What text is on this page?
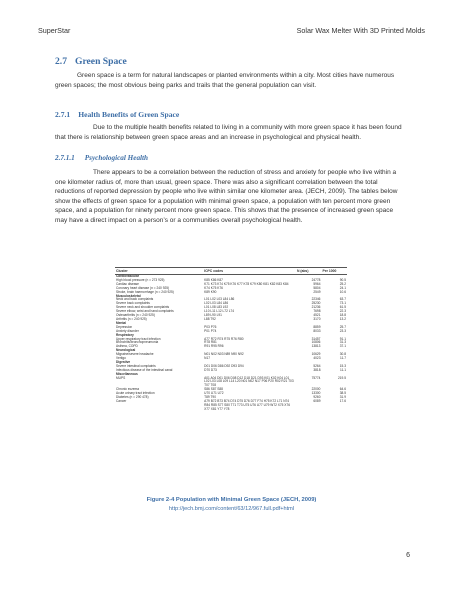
SuperStar	Solar Wax Melter With 3D Printed Molds
2.7 Green Space

Green space is a term for natural landscapes or planted environments within a city. Most cities have numerous green spaces; the most obvious being parks and trails that the general population can visit.

2.7.1 Health Benefits of Green Space

Due to the multiple health benefits related to living in a community with more green space it has been found that there is relationship between green space areas and an increase in psychological and physical health.

2.7.1.1 Psychological Health

There appears to be a correlation between the reduction of stress and anxiety for people who live within a one kilometer radius of, more than usual, green space. There was also a significant correlation between the total reductions of reported depression by people who live within similar one kilometer area. (JECH, 2009). The tables below show the effects of green space for a population with minimal green space, a population with ten percent more green space, and a population for ninety percent more green space. This shows that the presence of increased green space may have a direct impact on a person’s or a communities overall psychological health.

Cluster	ICPC codes	N (abs)	Per 1000
Cardiovascular			
High blood pressure (n = 273 925)	K85 K86 K87	24778	90.5
Cardiac disease	K71 K73 K74 K75 K76 K77 K78 K79 K80 K81 K82 K83 K84	5964	25.2
Coronary heart disease (n = 240 925)	K74 K75 K76	5804	24.1
Stroke, brain haemorrhage (n = 240 925)	K89 K90	2549	10.6
Musculoskeletal			
Neck and back complaints	L01 L02 L03 L84 L86	22346	63.7
Severe back complaints	L02 L03 L84 L86	25230	73.1
Severe neck and shoulder complaints	L01 L08 L83 L92	21236	61.5
Severe elbow, wrist and hand complaints	L10 L11 L12 L72 L74	7698	22.3
Osteoarthritis (n = 240 925)	L89 L90 L91	4521	18.8
Arthritis (n = 240 925)	L88 T92	3170	13.2
Mental			
Depression	P03 P76	8859	25.7
Anxiety disorder	P01 P74	8033	23.3
Respiratory			
Upper respiratory tract infection	A77 R72 R74 R75 R76 R80	31457	91.1
Bronchitis/bronchopneumonia	R78 R81	10806	31.3
Asthma, COPD	R91 R95 R96	13813	37.1
Neurological			
Migraine/severe headache	N01 N02 N03 N89 N90 N92	10629	30.8
Vertigo	N17	4023	11.7
Digestive			
Severe intestinal complaints	D01 D06 D86 D92 D93 D94	5264	15.3
Infectious disease of the intestinal canal	D70 D73	3818	11.1
Miscellaneous			
MUPS	A01 A04 D01 D06 D08 D12 D18 D21 D93 K01 K02 K04 L01 L02 L03 L08 L09 L14 L20 N01 N02 N17 P06 P20 R02 R21 T03 T07 T08	75774	219.5
Chronic eczema	S86 S87 S88	22000	64.6
Acute urinary tract infection	U70 U71 U72	13300	38.5
Diabetes (n = 290 478)	T89 T90	9260	31.9
Cancer	A79 B72 B73 B74 D74 D75 D76 D77 F74 H75 K72 L71 N74 R84 R85 S77 S80 T71 T73 U75 U76 U77 U79 W72 X75 X76 X77 X81 Y77 Y78	6089	17.6
Figure 2-4 Population with Minimal Green Space (JECH, 2009)
http://jech.bmj.com/content/63/12/967.full.pdf+html
6
